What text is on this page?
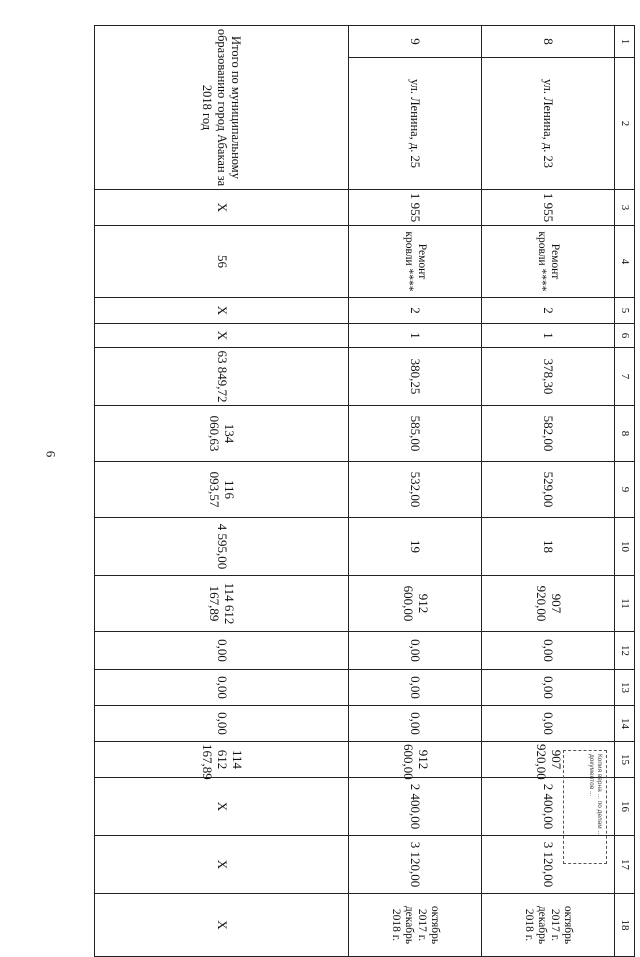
6
1	2	3	4	5	6	7	8	9	10	11	12	13	14	15	16	17	18
8	ул. Ленина, д. 23	1 955	Ремонт кровли ****	2	1	378,30	582,00	529,00	18	907 920,00	0,00	0,00	0,00	907 920,00	2 400,00	3 120,00	октябрь 2017 г. декабрь 2018 г.
9	ул. Ленина, д. 25	1 955	Ремонт кровли ****	2	1	380,25	585,00	532,00	19	912 600,00	0,00	0,00	0,00	912 600,00	2 400,00	3 120,00	октябрь 2017 г. декабрь 2018 г.
Итого по муниципальному образованию город Абакан за 2018 год		X	56	X	X	63 849,72	134 060,63	116 093,57	4 595,00	114 612 167,89	0,00	0,00	0,00	114 612 167,89	X	X	X
Копия верна ... по делам ... документов ...
